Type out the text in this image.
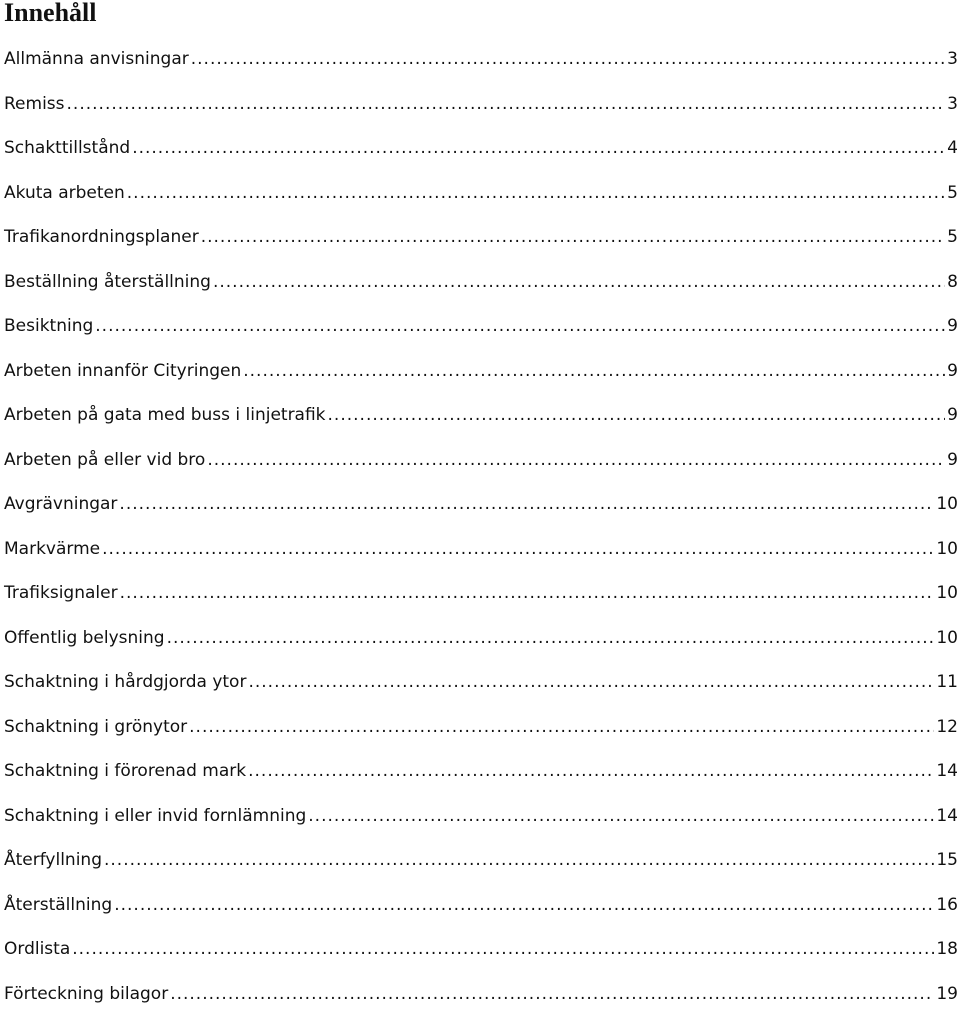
Innehåll
Allmänna anvisningar .....	3
Remiss .....	3
Schakttillstånd .....	4
Akuta arbeten .....	5
Trafikanordningsplaner .....	5
Beställning återställning .....	8
Besiktning .....	9
Arbeten innanför Cityringen .....	9
Arbeten på gata med buss i linjetrafik .....	9
Arbeten på eller vid bro .....	9
Avgrävningar .....	10
Markvärme .....	10
Trafiksignaler .....	10
Offentlig belysning .....	10
Schaktning i hårdgjorda ytor .....	11
Schaktning i grönytor .....	12
Schaktning i förorenad mark .....	14
Schaktning i eller invid fornlämning .....	14
Återfyllning .....	15
Återställning .....	16
Ordlista .....	18
Förteckning bilagor .....	19
